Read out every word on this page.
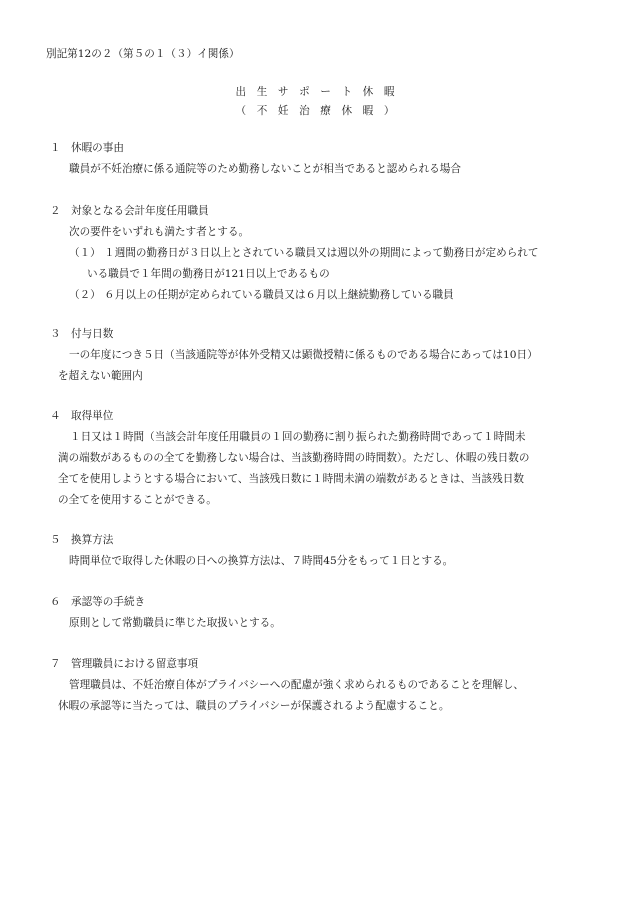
別記第12の２（第５の１（３）イ関係）
出　生　サ　ポ　ー　ト　休　暇
（　不　妊　治　療　休　暇　）
１ 休暇の事由
職員が不妊治療に係る通院等のため勤務しないことが相当であると認められる場合
２ 対象となる会計年度任用職員
次の要件をいずれも満たす者とする。
（１） １週間の勤務日が３日以上とされている職員又は週以外の期間によって勤務日が定められて
いる職員で１年間の勤務日が121日以上であるもの
（２） ６月以上の任期が定められている職員又は６月以上継続勤務している職員
３ 付与日数
一の年度につき５日（当該通院等が体外受精又は顕微授精に係るものである場合にあっては10日）
を超えない範囲内
４ 取得単位
１日又は１時間（当該会計年度任用職員の１回の勤務に割り振られた勤務時間であって１時間未
満の端数があるものの全てを勤務しない場合は、当該勤務時間の時間数）。ただし、休暇の残日数の
全てを使用しようとする場合において、当該残日数に１時間未満の端数があるときは、当該残日数
の全てを使用することができる。
５ 換算方法
時間単位で取得した休暇の日への換算方法は、７時間45分をもって１日とする。
６ 承認等の手続き
原則として常勤職員に準じた取扱いとする。
７ 管理職員における留意事項
管理職員は、不妊治療自体がプライバシーへの配慮が強く求められるものであることを理解し、
休暇の承認等に当たっては、職員のプライバシーが保護されるよう配慮すること。
